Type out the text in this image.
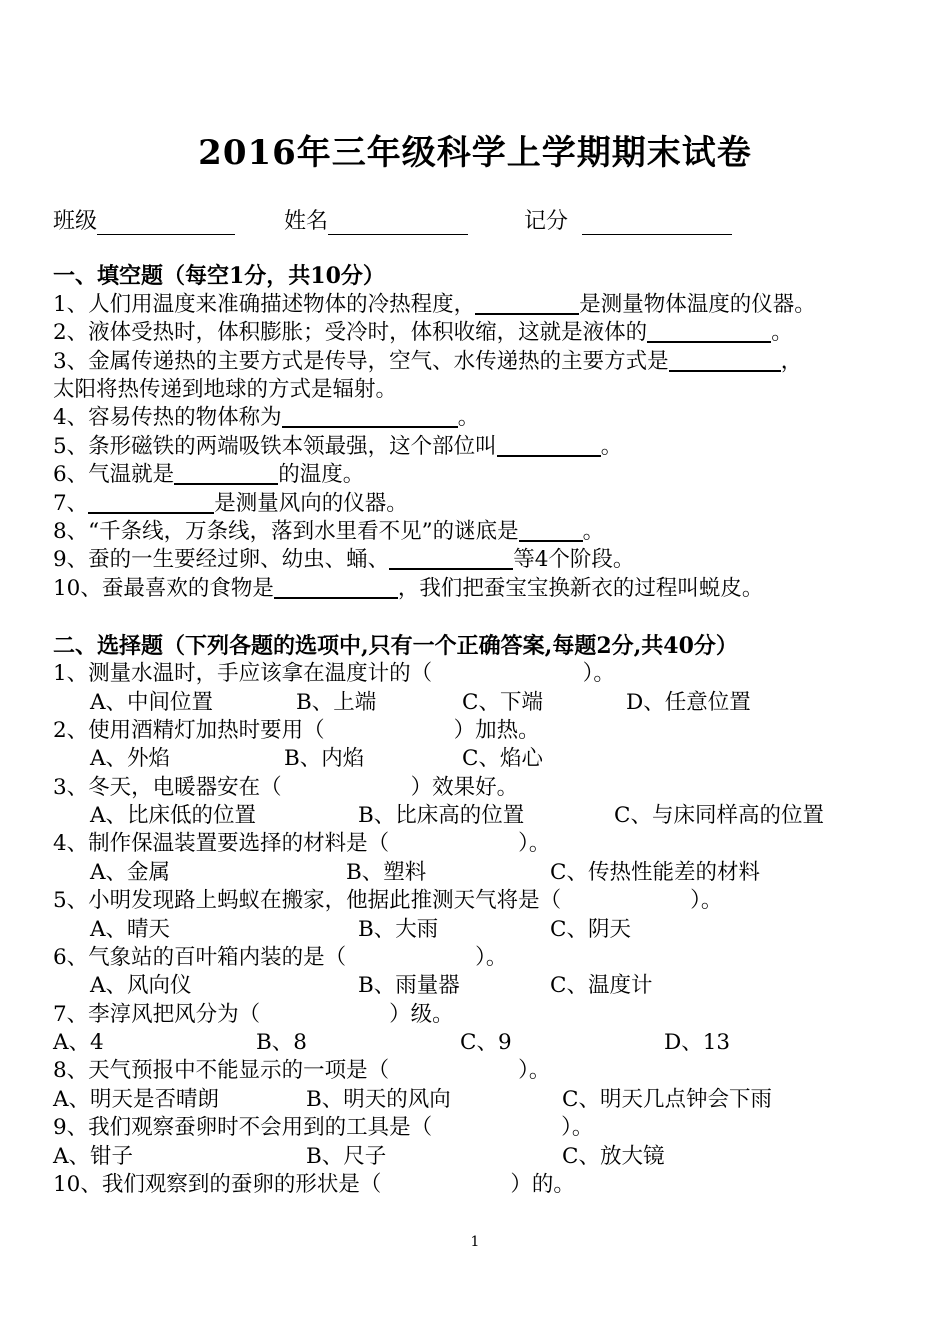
2016年三年级科学上学期期末试卷
班级	姓名	记分
一、填空题（每空1分，共10分）
1、人们用温度来准确描述物体的冷热程度，	是测量物体温度的仪器。
2、液体受热时，体积膨胀；受冷时，体积收缩，这就是液体的	。
3、金属传递热的主要方式是传导，空气、水传递热的主要方式是	，
太阳将热传递到地球的方式是辐射。
4、容易传热的物体称为	。
5、条形磁铁的两端吸铁本领最强，这个部位叫	。
6、气温就是	的温度。
7、	是测量风向的仪器。
8、“千条线，万条线，落到水里看不见”的谜底是	。
9、蚕的一生要经过卵、幼虫、蛹、	等4个阶段。
10、蚕最喜欢的食物是	，我们把蚕宝宝换新衣的过程叫蜕皮。
二、选择题（下列各题的选项中,只有一个正确答案,每题2分,共40分）
1、测量水温时，手应该拿在温度计的（　　　　　　　）。
A、中间位置	B、上端	C、下端	D、任意位置
2、使用酒精灯加热时要用（　　　　　　）加热。
A、外焰	B、内焰	C、焰心
3、冬天，电暖器安在（　　　　　　）效果好。
A、比床低的位置	B、比床高的位置	C、与床同样高的位置
4、制作保温装置要选择的材料是（　　　　　　）。
A、金属	B、塑料	C、传热性能差的材料
5、小明发现路上蚂蚁在搬家，他据此推测天气将是（　　　　　　）。
A、晴天	B、大雨	C、阴天
6、气象站的百叶箱内装的是（　　　　　　）。
A、风向仪	B、雨量器	C、温度计
7、李淳风把风分为（　　　　　　）级。
A、4	B、8	C、9	D、13
8、天气预报中不能显示的一项是（　　　　　　）。
A、明天是否晴朗	B、明天的风向	C、明天几点钟会下雨
9、我们观察蚕卵时不会用到的工具是（　　　　　　）。
A、钳子	B、尺子	C、放大镜
10、我们观察到的蚕卵的形状是（　　　　　　）的。
1
